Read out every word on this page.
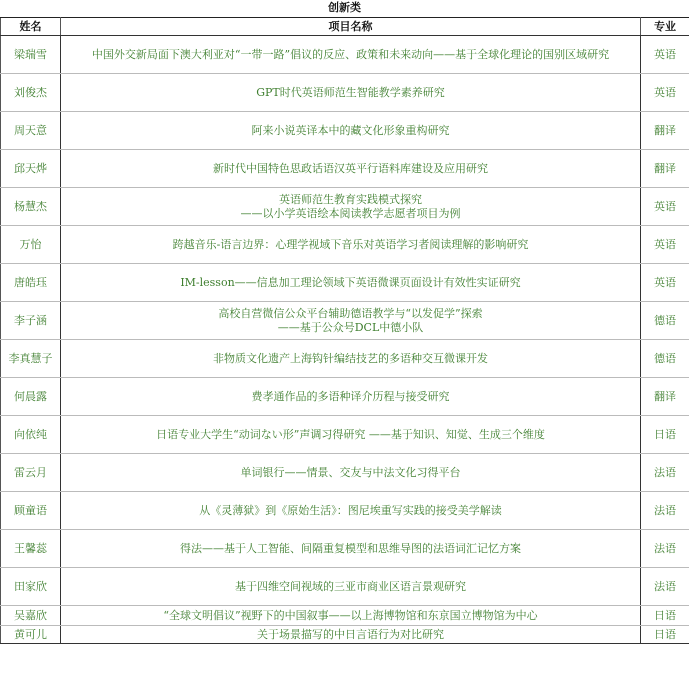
创新类
姓名	项目名称	专业
梁瑞雪	中国外交新局面下澳大利亚对“一带一路”倡议的反应、政策和未来动向——基于全球化理论的国别区域研究	英语
刘俊杰	GPT时代英语师范生智能教学素养研究	英语
周天意	阿来小说英译本中的藏文化形象重构研究	翻译
邱天烨	新时代中国特色思政话语汉英平行语料库建设及应用研究	翻译
杨慧杰	英语师范生教育实践模式探究
——以小学英语绘本阅读教学志愿者项目为例	英语
万怡	跨越音乐-语言边界：心理学视域下音乐对英语学习者阅读理解的影响研究	英语
唐皓珏	IM-lesson——信息加工理论领域下英语微课页面设计有效性实证研究	英语
李子涵	高校自营微信公众平台辅助德语教学与“以发促学”探索
——基于公众号DCL中德小队	德语
李真慧子	非物质文化遗产上海钩针编结技艺的多语种交互微课开发	德语
何晨露	费孝通作品的多语种译介历程与接受研究	翻译
向依纯	日语专业大学生“动词ない形”声调习得研究 ——基于知识、知觉、生成三个维度	日语
雷云月	单词银行——情景、交友与中法文化习得平台	法语
顾童语	从《灵薄狱》到《原始生活》：图尼埃重写实践的接受美学解读	法语
王馨蕊	得法——基于人工智能、间隔重复模型和思维导图的法语词汇记忆方案	法语
田家欣	基于四维空间视域的三亚市商业区语言景观研究	法语
吴嘉欣	“全球文明倡议”视野下的中国叙事——以上海博物馆和东京国立博物馆为中心	日语
黄可儿	关于场景描写的中日言语行为对比研究	日语
